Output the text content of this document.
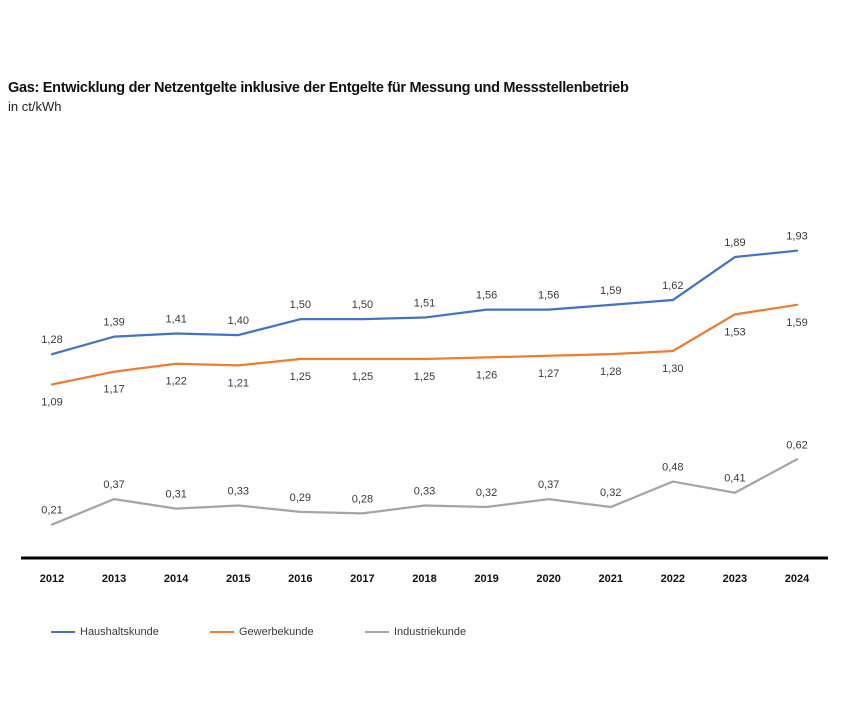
Gas: Entwicklung der Netzentgelte inklusive der Entgelte für Messung und Messstellenbetrieb
in ct/kWh
2012	2013	2014	2015	2016	2017	2018	2019	2020	2021	2022	2023	2024
1,28
1,39	1,41	1,40
1,50	1,50	1,51
1,56	1,56	1,59	1,62
1,89
1,93
1,09
1,17
1,22	1,21
1,25	1,25	1,25	1,26	1,27	1,28	1,30
1,53
1,59
0,21
0,37
0,31	0,33
0,29	0,28
0,33	0,32
0,37
0,32
0,48
0,41
0,62
Haushaltskunde	Gewerbekunde	Industriekunde
